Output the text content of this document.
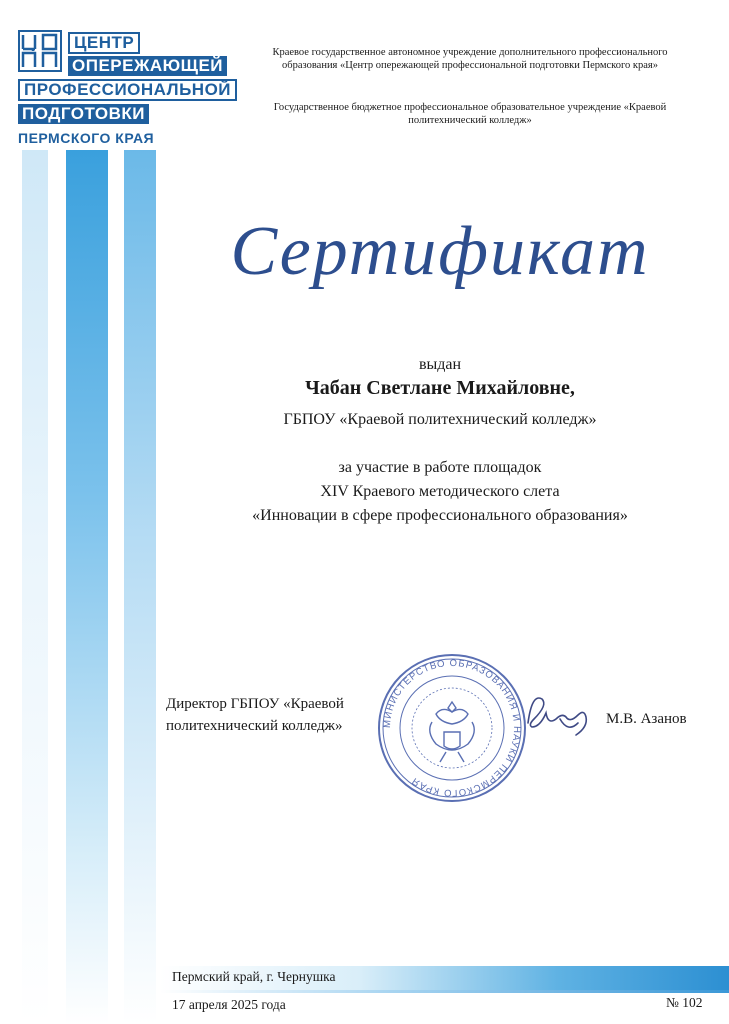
ЦЕНТР
ОПЕРЕЖАЮЩЕЙ
ПРОФЕССИОНАЛЬНОЙ
ПОДГОТОВКИ
ПЕРМСКОГО КРАЯ
Краевое государственное автономное учреждение дополнительного профессионального образования «Центр опережающей профессиональной подготовки Пермского края»
Государственное бюджетное профессиональное образовательное учреждение «Краевой политехнический колледж»
Сертификат
выдан
Чабан Светлане Михайловне,
ГБПОУ «Краевой политехнический колледж»
за участие в работе площадок
XIV Краевого методического слета
«Инновации в сфере профессионального образования»
Директор ГБПОУ «Краевой
политехнический колледж»	МИНИСТЕРСТВО ОБРАЗОВАНИЯ И НАУКИ ПЕРМСКОГО КРАЯ
М.В. Азанов
Пермский край, г. Чернушка
17 апреля 2025 года	№ 102
